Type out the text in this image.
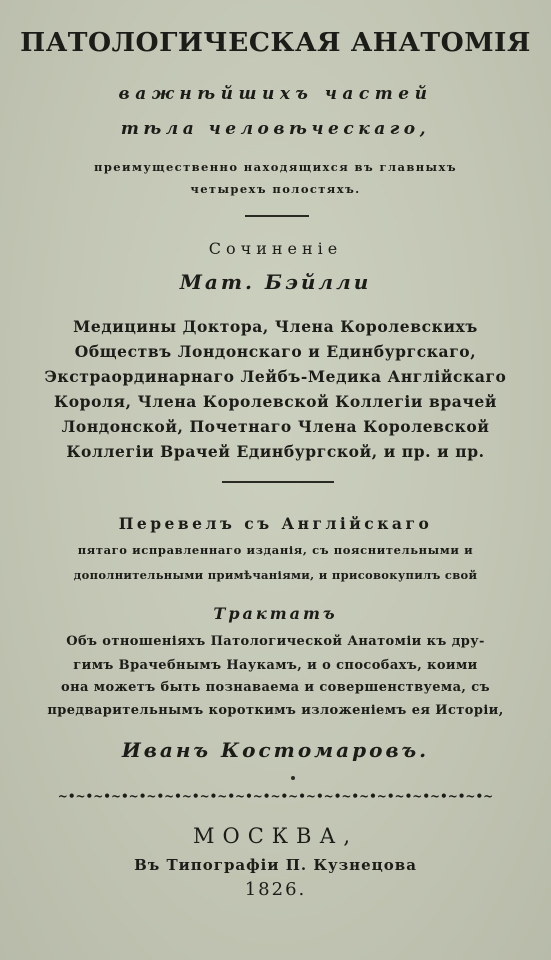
ПАТОЛОГИЧЕСКАЯ АНАТОМІЯ
важнѣйшихъ частей
тѣла человѣческаго,
преимущественно находящихся въ главныхъ
четырехъ полостяхъ.
Сочиненіе
Мат. Бэйлли
Медицины Доктора, Члена Королевскихъ
Обществъ Лондонскаго и Единбургскаго,
Экстраординарнаго Лейбъ-Медика Англійскаго
Короля, Члена Королевской Коллегіи врачей
Лондонской, Почетнаго Члена Королевской
Коллегіи Врачей Единбургской, и пр. и пр.
Перевелъ съ Англійскаго
пятаго исправленнаго изданія, съ пояснительными и
дополнительными примѣчаніями, и присовокупилъ свой
Трактатъ
Объ отношеніяхъ Патологической Анатоміи къ дру-
гимъ Врачебнымъ Наукамъ, и о способахъ, коими
она можетъ быть познаваема и совершенствуема, съ
предварительнымъ короткимъ изложеніемъ ея Исторіи,
Иванъ Костомаровъ.
~•~•~•~•~•~•~•~•~•~•~•~•~•~•~•~•~•~•~•~•~•~•~•~•~
МОСКВА,
Въ Типографіи П. Кузнецова
1826.
